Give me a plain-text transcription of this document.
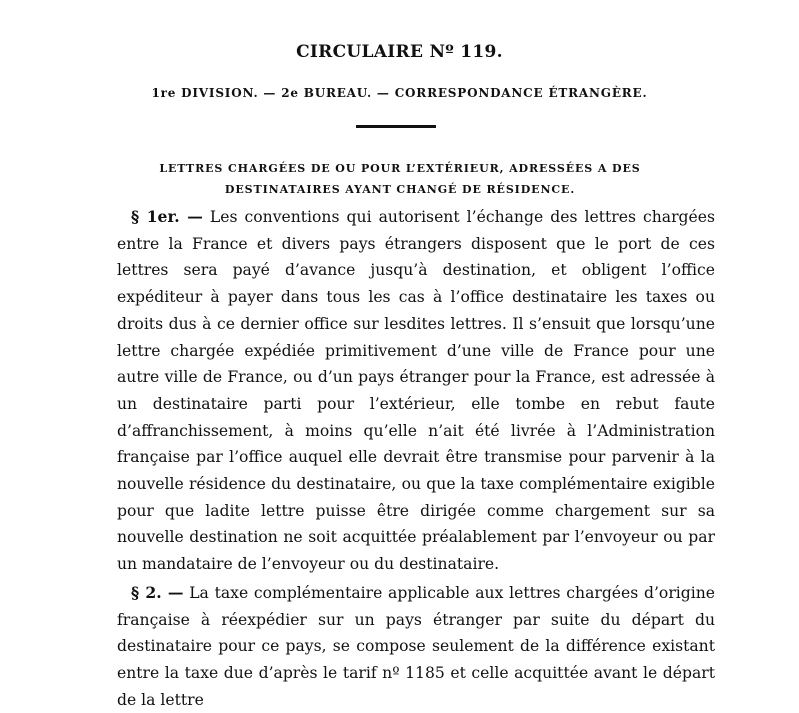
CIRCULAIRE Nº 119.
1re DIVISION. — 2e BUREAU. — CORRESPONDANCE ÉTRANGÈRE.
LETTRES CHARGÉES DE OU POUR L’EXTÉRIEUR, ADRESSÉES A DES DESTINATAIRES AYANT CHANGÉ DE RÉSIDENCE.

§ 1er. — Les conventions qui autorisent l’échange des lettres chargées entre la France et divers pays étrangers disposent que le port de ces lettres sera payé d’avance jusqu’à destination, et obligent l’office expéditeur à payer dans tous les cas à l’office destinataire les taxes ou droits dus à ce dernier office sur lesdites lettres. Il s’ensuit que lorsqu’une lettre chargée expédiée primitivement d’une ville de France pour une autre ville de France, ou d’un pays étranger pour la France, est adressée à un destinataire parti pour l’extérieur, elle tombe en rebut faute d’affranchissement, à moins qu’elle n’ait été livrée à l’Administration française par l’office auquel elle devrait être transmise pour parvenir à la nouvelle résidence du destinataire, ou que la taxe complémentaire exigible pour que ladite lettre puisse être dirigée comme chargement sur sa nouvelle destination ne soit acquittée préalablement par l’envoyeur ou par un mandataire de l’envoyeur ou du destinataire.

§ 2. — La taxe complémentaire applicable aux lettres chargées d’origine française à réexpédier sur un pays étranger par suite du départ du destinataire pour ce pays, se compose seulement de la différence existant entre la taxe due d’après le tarif nº 1185 et celle acquittée avant le départ de la lettre
